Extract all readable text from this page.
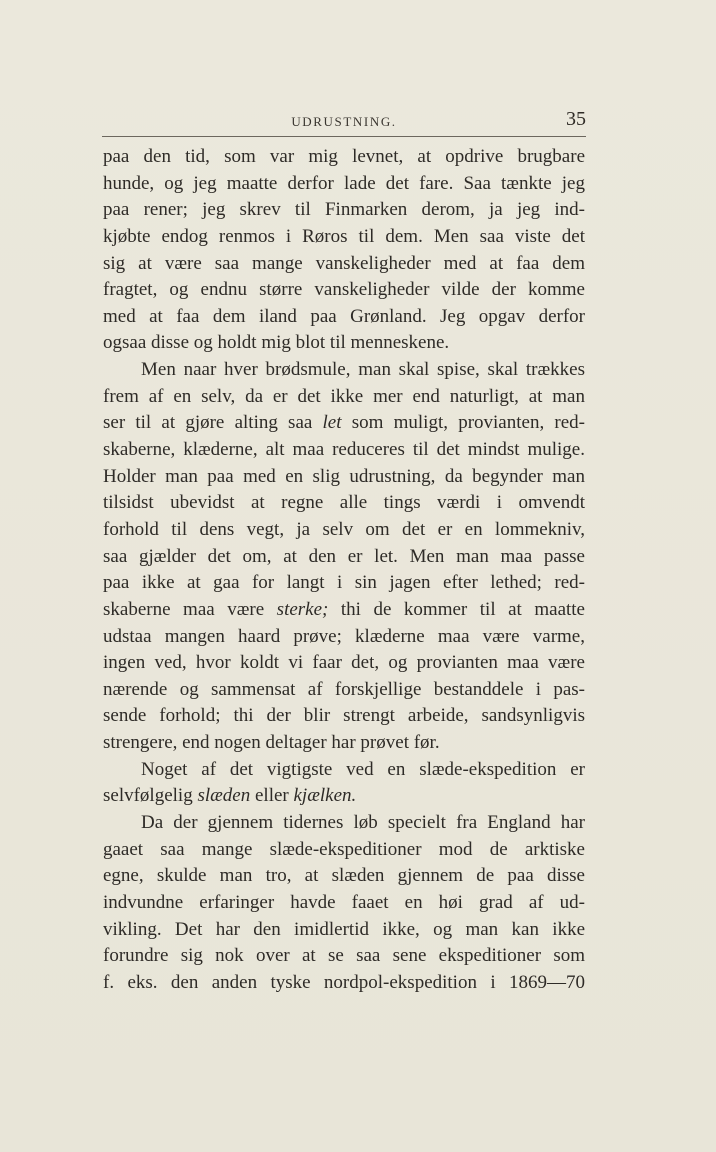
UDRUSTNING.	35
paa den tid, som var mig levnet, at opdrive brugbare
hunde, og jeg maatte derfor lade det fare. Saa tænkte jeg
paa rener; jeg skrev til Finmarken derom, ja jeg ind-
kjøbte endog renmos i Røros til dem. Men saa viste det
sig at være saa mange vanskeligheder med at faa dem
fragtet, og endnu større vanskeligheder vilde der komme
med at faa dem iland paa Grønland. Jeg opgav derfor
ogsaa disse og holdt mig blot til menneskene.
Men naar hver brødsmule, man skal spise, skal trækkes
frem af en selv, da er det ikke mer end naturligt, at man
ser til at gjøre alting saa let som muligt, provianten, red-
skaberne, klæderne, alt maa reduceres til det mindst mulige.
Holder man paa med en slig udrustning, da begynder man
tilsidst ubevidst at regne alle tings værdi i omvendt
forhold til dens vegt, ja selv om det er en lommekniv,
saa gjælder det om, at den er let. Men man maa passe
paa ikke at gaa for langt i sin jagen efter lethed; red-
skaberne maa være sterke; thi de kommer til at maatte
udstaa mangen haard prøve; klæderne maa være varme,
ingen ved, hvor koldt vi faar det, og provianten maa være
nærende og sammensat af forskjellige bestanddele i pas-
sende forhold; thi der blir strengt arbeide, sandsynligvis
strengere, end nogen deltager har prøvet før.
Noget af det vigtigste ved en slæde-ekspedition er
selvfølgelig slæden eller kjælken.
Da der gjennem tidernes løb specielt fra England har
gaaet saa mange slæde-ekspeditioner mod de arktiske
egne, skulde man tro, at slæden gjennem de paa disse
indvundne erfaringer havde faaet en høi grad af ud-
vikling. Det har den imidlertid ikke, og man kan ikke
forundre sig nok over at se saa sene ekspeditioner som
f. eks. den anden tyske nordpol-ekspedition i 1869—70
